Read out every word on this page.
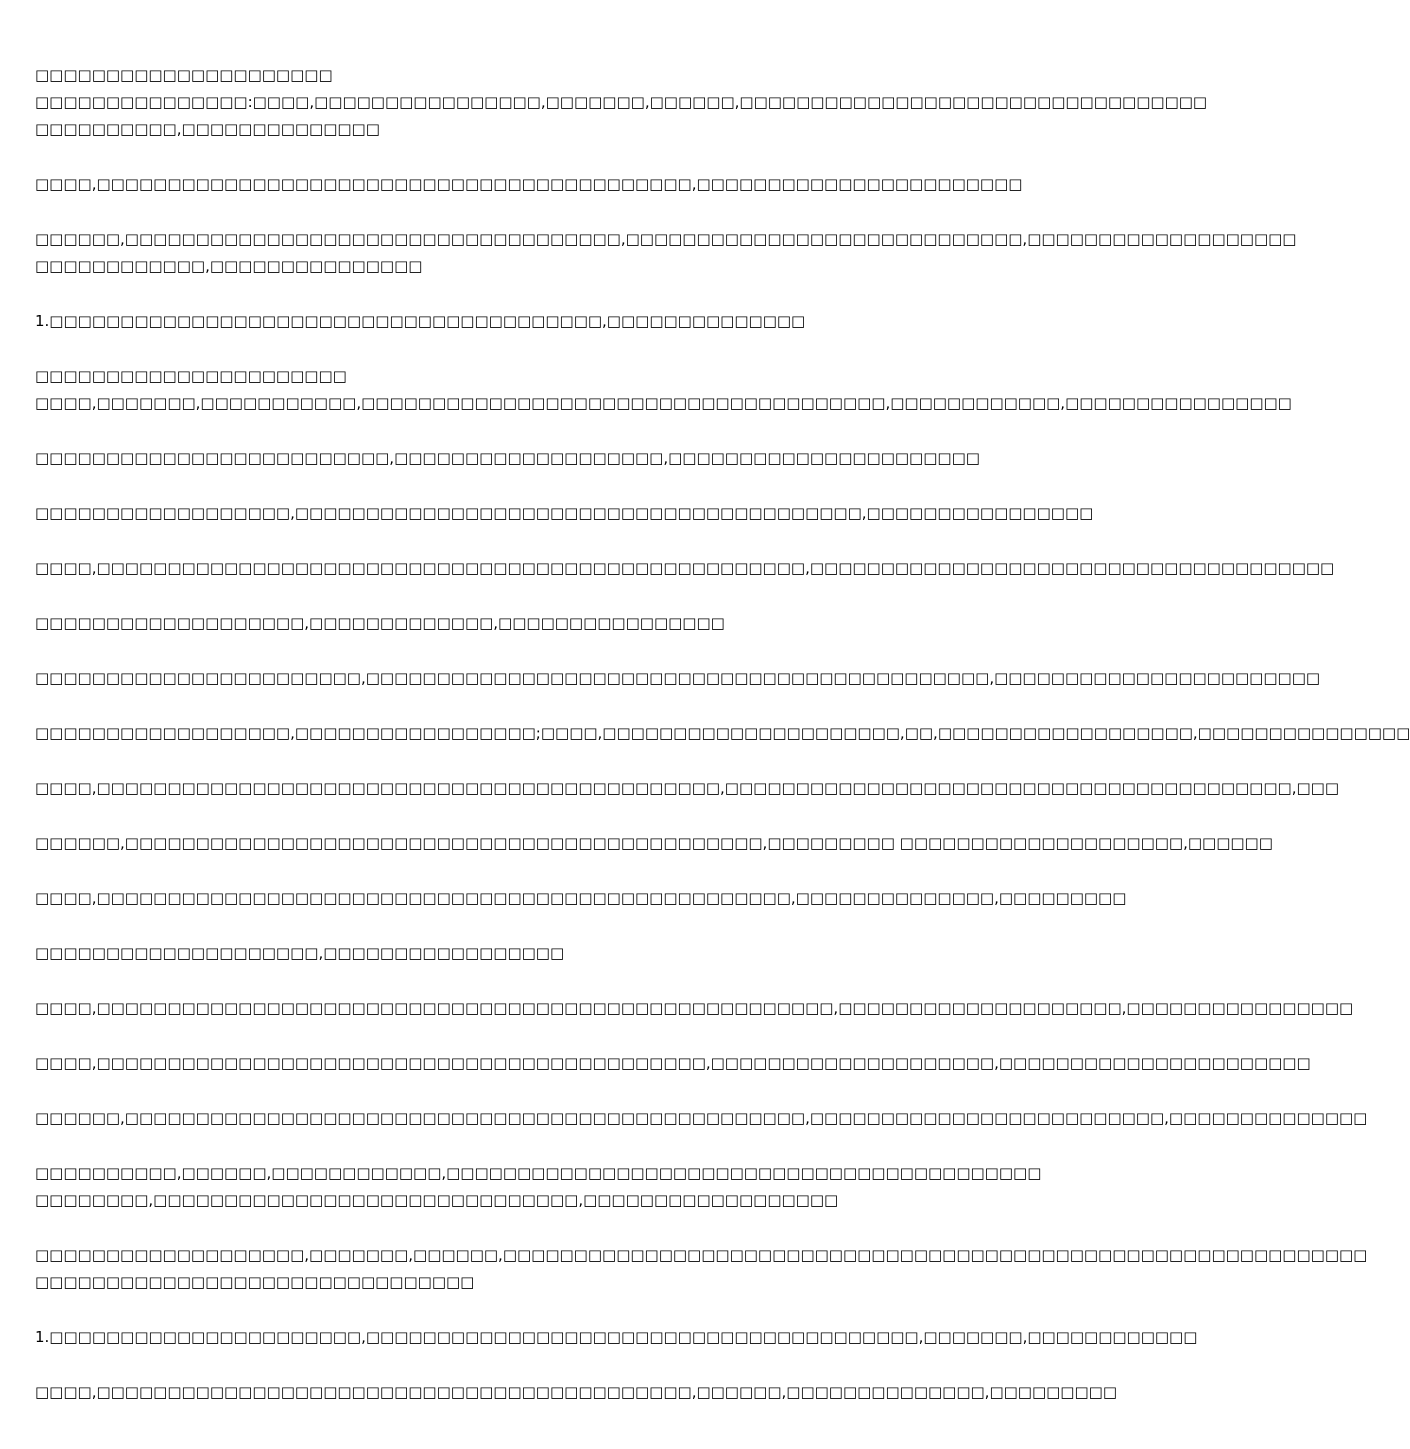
□□□□□□□□□□□□□□□□□□□□□
□□□□□□□□□□□□□□□:□□□□,□□□□□□□□□□□□□□□□,□□□□□□□,□□□□□□,□□□□□□□□□□□□□□□□□□□□□□□□□□□□□□□□□
□□□□□□□□□□,□□□□□□□□□□□□□□
□□□□,□□□□□□□□□□□□□□□□□□□□□□□□□□□□□□□□□□□□□□□□□□,□□□□□□□□□□□□□□□□□□□□□□□
□□□□□□,□□□□□□□□□□□□□□□□□□□□□□□□□□□□□□□□□□□,□□□□□□□□□□□□□□□□□□□□□□□□□□□□,□□□□□□□□□□□□□□□□□□□
□□□□□□□□□□□□,□□□□□□□□□□□□□□□
1.□□□□□□□□□□□□□□□□□□□□□□□□□□□□□□□□□□□□□□□,□□□□□□□□□□□□□□
□□□□□□□□□□□□□□□□□□□□□□
□□□□,□□□□□□□,□□□□□□□□□□□,□□□□□□□□□□□□□□□□□□□□□□□□□□□□□□□□□□□□□,□□□□□□□□□□□□,□□□□□□□□□□□□□□□□
□□□□□□□□□□□□□□□□□□□□□□□□□,□□□□□□□□□□□□□□□□□□□,□□□□□□□□□□□□□□□□□□□□□□
□□□□□□□□□□□□□□□□□□,□□□□□□□□□□□□□□□□□□□□□□□□□□□□□□□□□□□□□□□□,□□□□□□□□□□□□□□□□
□□□□,□□□□□□□□□□□□□□□□□□□□□□□□□□□□□□□□□□□□□□□□□□□□□□□□□□,□□□□□□□□□□□□□□□□□□□□□□□□□□□□□□□□□□□□□
□□□□□□□□□□□□□□□□□□□,□□□□□□□□□□□□□,□□□□□□□□□□□□□□□□
□□□□□□□□□□□□□□□□□□□□□□□,□□□□□□□□□□□□□□□□□□□□□□□□□□□□□□□□□□□□□□□□□□□□,□□□□□□□□□□□□□□□□□□□□□□□
□□□□□□□□□□□□□□□□□□,□□□□□□□□□□□□□□□□□;□□□□,□□□□□□□□□□□□□□□□□□□□□,□□,□□□□□□□□□□□□□□□□□□,□□□□□□□□□□□□□□□
□□□□,□□□□□□□□□□□□□□□□□□□□□□□□□□□□□□□□□□□□□□□□□□□□,□□□□□□□□□□□□□□□□□□□□□□□□□□□□□□□□□□□□□□□□,□□□
□□□□□□,□□□□□□□□□□□□□□□□□□□□□□□□□□□□□□□□□□□□□□□□□□□□□,□□□□□□□□□ □□□□□□□□□□□□□□□□□□□□,□□□□□□
□□□□,□□□□□□□□□□□□□□□□□□□□□□□□□□□□□□□□□□□□□□□□□□□□□□□□□,□□□□□□□□□□□□□□,□□□□□□□□□
□□□□□□□□□□□□□□□□□□□□,□□□□□□□□□□□□□□□□□
□□□□,□□□□□□□□□□□□□□□□□□□□□□□□□□□□□□□□□□□□□□□□□□□□□□□□□□□□,□□□□□□□□□□□□□□□□□□□□,□□□□□□□□□□□□□□□□
□□□□,□□□□□□□□□□□□□□□□□□□□□□□□□□□□□□□□□□□□□□□□□□□,□□□□□□□□□□□□□□□□□□□□,□□□□□□□□□□□□□□□□□□□□□□
□□□□□□,□□□□□□□□□□□□□□□□□□□□□□□□□□□□□□□□□□□□□□□□□□□□□□□□,□□□□□□□□□□□□□□□□□□□□□□□□□,□□□□□□□□□□□□□□
□□□□□□□□□□,□□□□□□,□□□□□□□□□□□□,□□□□□□□□□□□□□□□□□□□□□□□□□□□□□□□□□□□□□□□□□□
□□□□□□□□,□□□□□□□□□□□□□□□□□□□□□□□□□□□□□□,□□□□□□□□□□□□□□□□□□
□□□□□□□□□□□□□□□□□□□,□□□□□□□,□□□□□□,□□□□□□□□□□□□□□□□□□□□□□□□□□□□□□□□□□□□□□□□□□□□□□□□□□□□□□□□□□□□□
□□□□□□□□□□□□□□□□□□□□□□□□□□□□□□□
1.□□□□□□□□□□□□□□□□□□□□□□,□□□□□□□□□□□□□□□□□□□□□□□□□□□□□□□□□□□□□□□,□□□□□□□,□□□□□□□□□□□□
□□□□,□□□□□□□□□□□□□□□□□□□□□□□□□□□□□□□□□□□□□□□□□□,□□□□□□,□□□□□□□□□□□□□□,□□□□□□□□□
